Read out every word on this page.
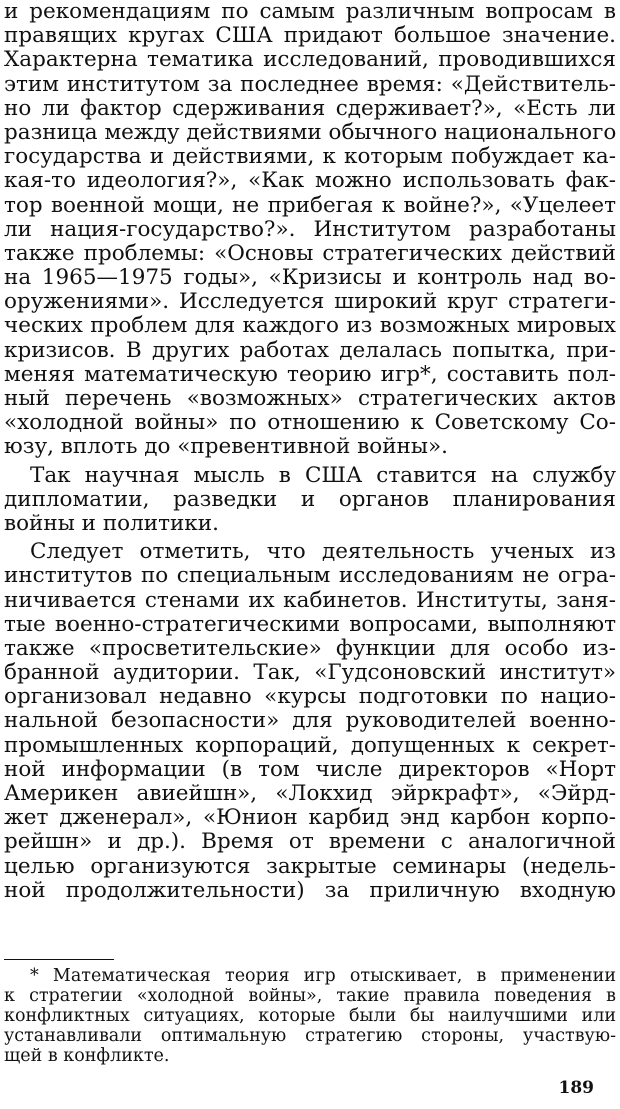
и рекомендациям по самым различным вопросам в
правящих кругах США придают большое значение.
Характерна тематика исследований, проводившихся
этим институтом за последнее время: «Действитель-
но ли фактор сдерживания сдерживает?», «Есть ли
разница между действиями обычного национального
государства и действиями, к которым побуждает ка-
кая-то идеология?», «Как можно использовать фак-
тор военной мощи, не прибегая к войне?», «Уцелеет
ли нация-государство?». Институтом разработаны
также проблемы: «Основы стратегических действий
на 1965—1975 годы», «Кризисы и контроль над во-
оружениями». Исследуется широкий круг стратеги-
ческих проблем для каждого из возможных мировых
кризисов. В других работах делалась попытка, при-
меняя математическую теорию игр*, составить пол-
ный перечень «возможных» стратегических актов
«холодной войны» по отношению к Советскому Со-
юзу, вплоть до «превентивной войны».
Так научная мысль в США ставится на службу
дипломатии, разведки и органов планирования
войны и политики.
Следует отметить, что деятельность ученых из
институтов по специальным исследованиям не огра-
ничивается стенами их кабинетов. Институты, заня-
тые военно-стратегическими вопросами, выполняют
также «просветительские» функции для особо из-
бранной аудитории. Так, «Гудсоновский институт»
организовал недавно «курсы подготовки по нацио-
нальной безопасности» для руководителей военно-
промышленных корпораций, допущенных к секрет-
ной информации (в том числе директоров «Норт
Америкен авиейшн», «Локхид эйркрафт», «Эйрд-
жет дженерал», «Юнион карбид энд карбон корпо-
рейшн» и др.). Время от времени с аналогичной
целью организуются закрытые семинары (недель-
ной продолжительности) за приличную входную
* Математическая теория игр отыскивает, в применении
к стратегии «холодной войны», такие правила поведения в
конфликтных ситуациях, которые были бы наилучшими или
устанавливали оптимальную стратегию стороны, участвую-
щей в конфликте.
189
